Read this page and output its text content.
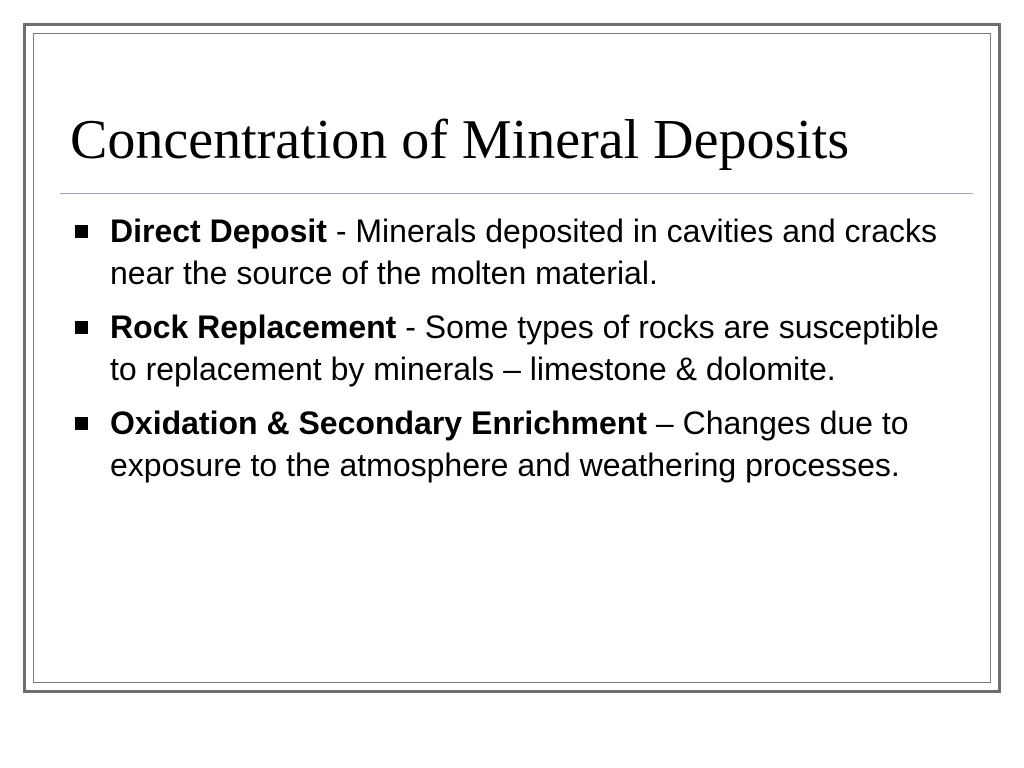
Concentration of Mineral Deposits
Direct Deposit - Minerals deposited in cavities and cracks near the source of the molten material.
Rock Replacement - Some types of rocks are susceptible to replacement by minerals – limestone & dolomite.
Oxidation & Secondary Enrichment – Changes due to exposure to the atmosphere and weathering processes.
